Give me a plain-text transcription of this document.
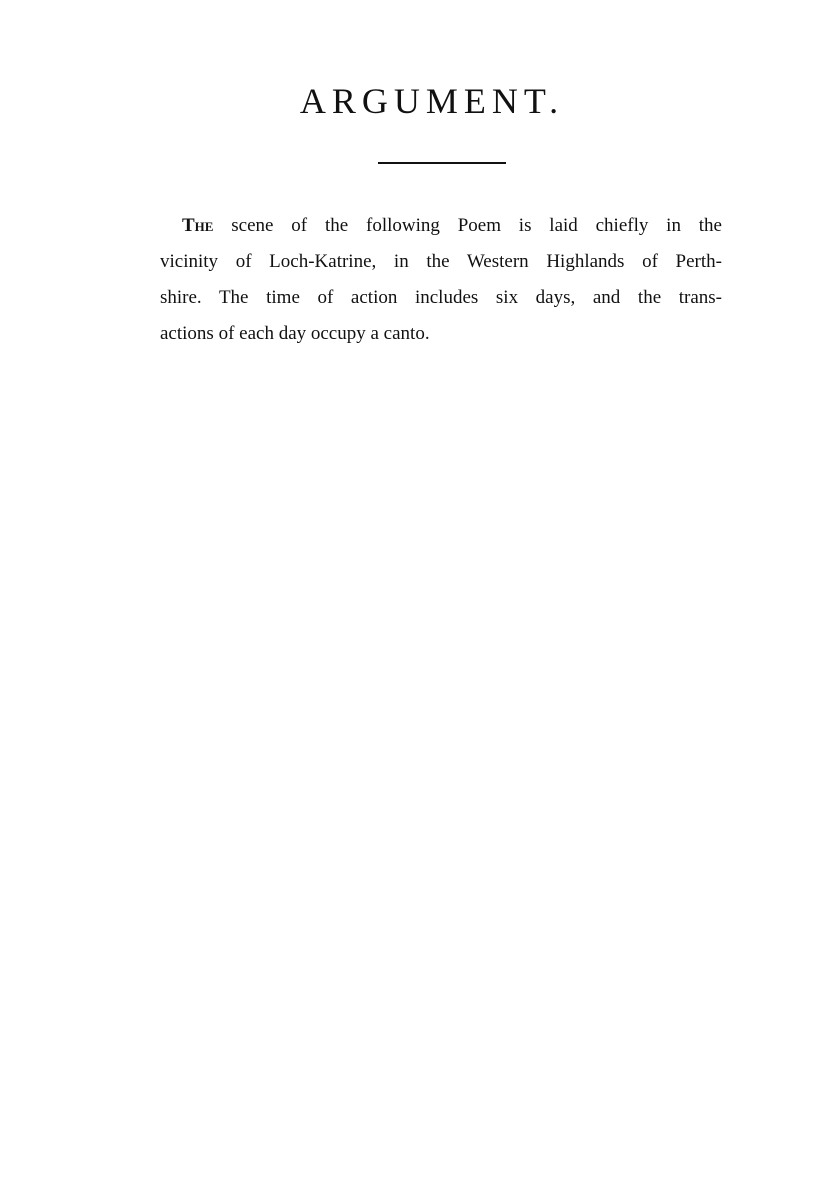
ARGUMENT.

The scene of the following Poem is laid chiefly in the
vicinity of Loch-Katrine, in the Western Highlands of Perth-
shire. The time of action includes six days, and the trans-
actions of each day occupy a canto.
